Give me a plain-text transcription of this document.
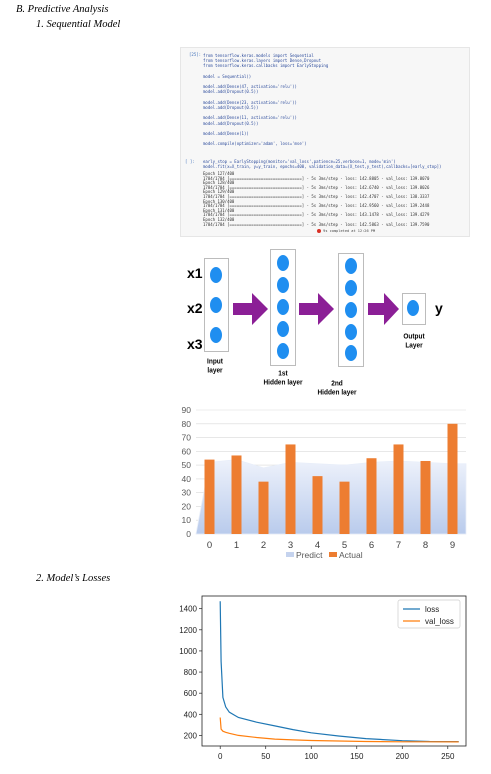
B. Predictive Analysis
1. Sequential Model
2. Model’s Losses
[25]: from tensorflow.keras.models import Sequential
from tensorflow.keras.layers import Dense,Dropout
from tensorflow.keras.callbacks import EarlyStopping
model = Sequential()
model.add(Dense(47, activation='relu'))
model.add(Dropout(0.5))
model.add(Dense(23, activation='relu'))
model.add(Dropout(0.5))
model.add(Dense(11, activation='relu'))
model.add(Dropout(0.5))
model.add(Dense(1))
model.compile(optimizer='adam', loss='mse')
[ ]: early_stop = EarlyStopping(monitor='val_loss',patience=25,verbose=1, mode='min')
model.fit(x=X_train, y=y_train, epochs=400, validation_data=(X_test,y_test),callbacks=[early_stop])
Epoch 127/400
1784/1784 [==============================] - 5s 3ms/step - loss: 142.8805 - val_loss: 139.8070
Epoch 128/400
1784/1784 [==============================] - 5s 3ms/step - loss: 142.6740 - val_loss: 139.8026
Epoch 129/400
1784/1784 [==============================] - 5s 3ms/step - loss: 142.4707 - val_loss: 138.3337
Epoch 130/400
1784/1784 [==============================] - 5s 3ms/step - loss: 142.9560 - val_loss: 139.2448
Epoch 131/400
1784/1784 [==============================] - 5s 3ms/step - loss: 143.1478 - val_loss: 139.4279
Epoch 132/400
1784/1784 [==============================] - 5s 3ms/step - loss: 142.5863 - val_loss: 139.7590
9s completed at 12:26 PM
x1
x2
x3
y
Input
layer	1st
Hidden layer	2nd
Hidden layer
Output
Layer
0
10
20
30
40
50
60
70
80
90
0 1 2 3 4 5 6 7 8 9
Predict Actual
200
400
600
800
1000
1200
1400
0	50	100	150	200	250
loss
val_loss
